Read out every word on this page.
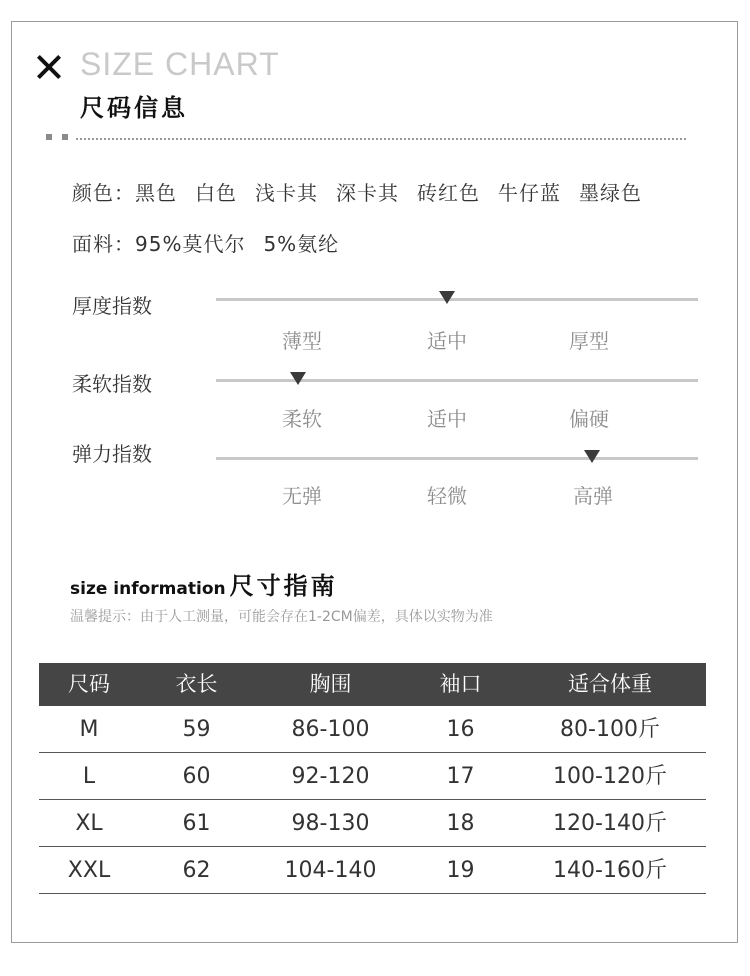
SIZE CHART
尺码信息
颜色：黑色 白色 浅卡其 深卡其 砖红色 牛仔蓝 墨绿色
面料：95%莫代尔 5%氨纶
厚度指数
薄型	适中	厚型
柔软指数
柔软	适中	偏硬
弹力指数
无弹	轻微	高弹
size information 尺寸指南
温馨提示：由于人工测量，可能会存在1-2CM偏差，具体以实物为准
尺码	衣长	胸围	袖口	适合体重
M	59	86-100	16	80-100斤
L	60	92-120	17	100-120斤
XL	61	98-130	18	120-140斤
XXL	62	104-140	19	140-160斤
